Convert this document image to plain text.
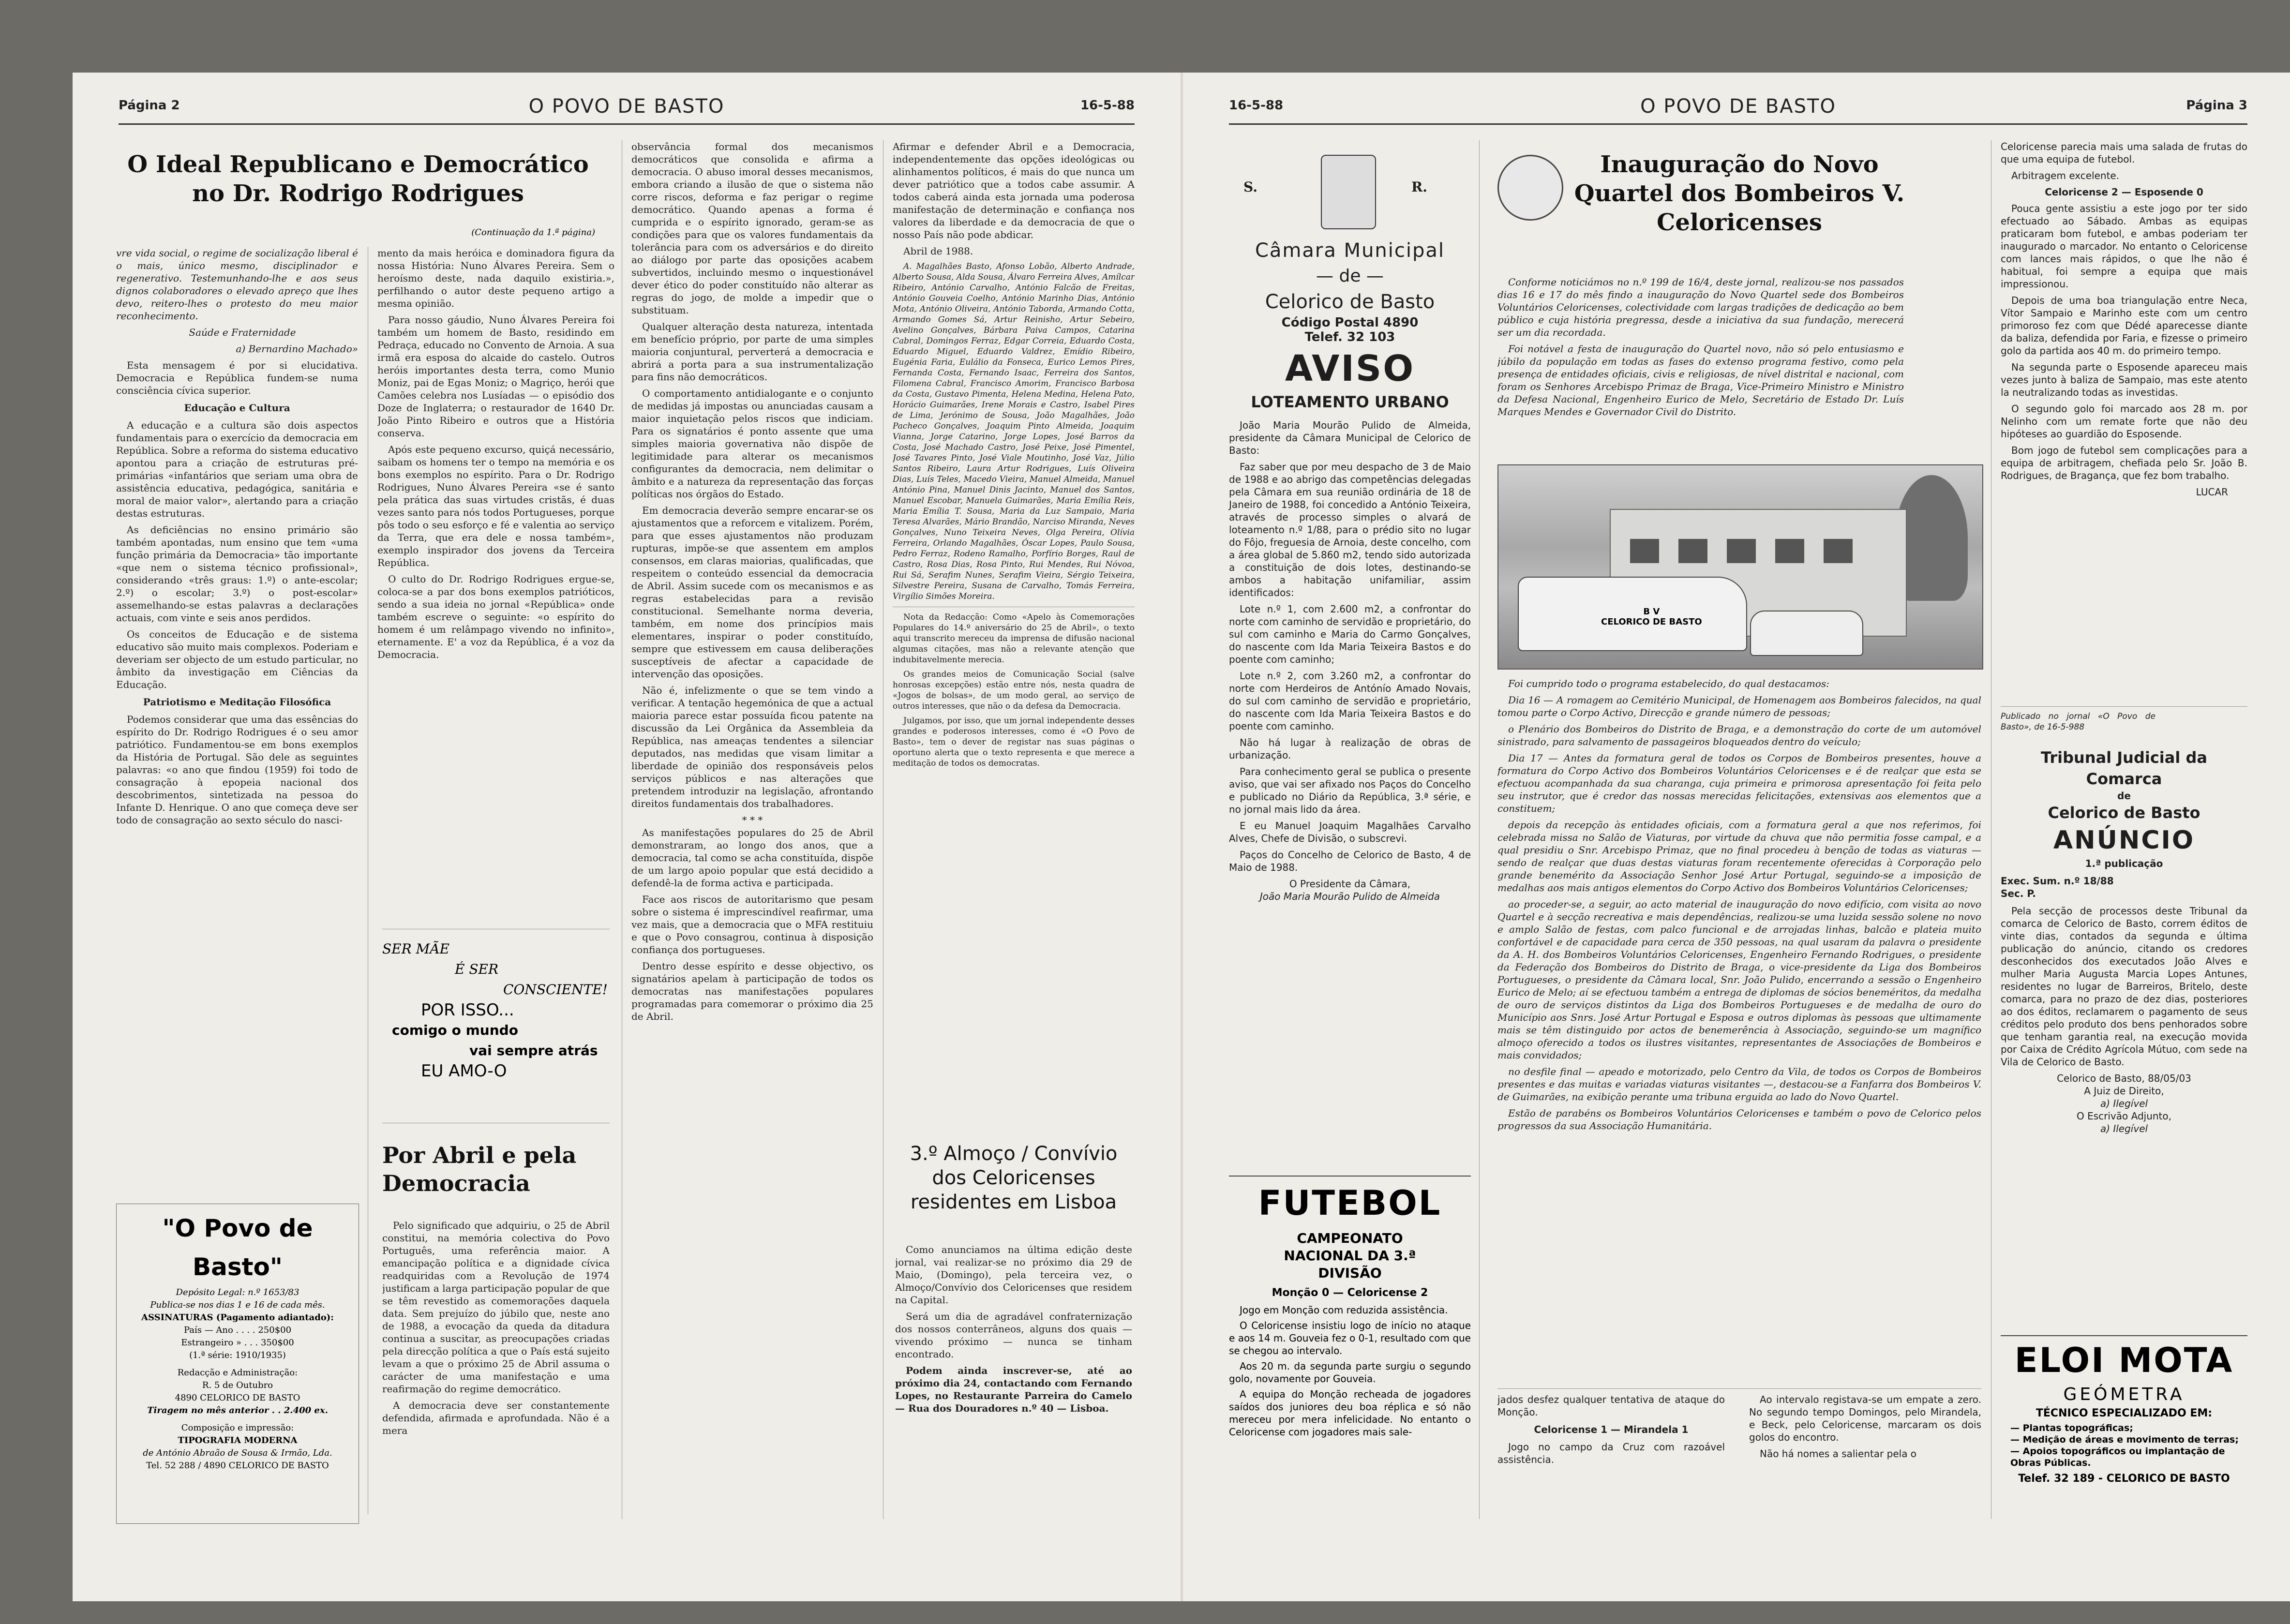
Página 2	O POVO DE BASTO	16-5-88
O Ideal Republicano e Democrático no Dr. Rodrigo Rodrigues
(Continuação da 1.ª página)

vre vida social, o regime de socialização liberal é o mais, único mesmo, disciplinador e regenerativo. Testemunhando-lhe e aos seus dignos colaboradores o elevado apreço que lhes devo, reitero-lhes o protesto do meu maior reconhecimento.

Saúde e Fraternidade

a) Bernardino Machado»

Esta mensagem é por si elucidativa. Democracia e República fundem-se numa consciência cívica superior.

Educação e Cultura

A educação e a cultura são dois aspectos fundamentais para o exercício da democracia em República. Sobre a reforma do sistema educativo apontou para a criação de estruturas pré-primárias «infantários que seriam uma obra de assistência educativa, pedagógica, sanitária e moral de maior valor», alertando para a criação destas estruturas.

As deficiências no ensino primário são também apontadas, num ensino que tem «uma função primária da Democracia» tão importante «que nem o sistema técnico profissional», considerando «três graus: 1.º) o ante-escolar; 2.º) o escolar; 3.º) o post-escolar» assemelhando-se estas palavras a declarações actuais, com vinte e seis anos perdidos.

Os conceitos de Educação e de sistema educativo são muito mais complexos. Poderiam e deveriam ser objecto de um estudo particular, no âmbito da investigação em Ciências da Educação.

Patriotismo e Meditação Filosófica

Podemos considerar que uma das essências do espírito do Dr. Rodrigo Rodrigues é o seu amor patriótico. Fundamentou-se em bons exemplos da História de Portugal. São dele as seguintes palavras: «o ano que findou (1959) foi todo de consagração à epopeia nacional dos descobrimentos, sintetizada na pessoa do Infante D. Henrique. O ano que começa deve ser todo de consagração ao sexto século do nasci-

"O Povo de Basto"
Depósito Legal: n.º 1653/83
Publica-se nos dias 1 e 16 de cada mês.
ASSINATURAS (Pagamento adiantado):
País — Ano . . . . 250$00
Estrangeiro » . . . 350$00
(1.ª série: 1910/1935)
Redacção e Administração:
R. 5 de Outubro
4890 CELORICO DE BASTO
Tiragem no mês anterior . . 2.400 ex.
Composição e impressão:
TIPOGRAFIA MODERNA
de António Abraão de Sousa & Irmão, Lda.
Tel. 52 288 / 4890 CELORICO DE BASTO

mento da mais heróica e dominadora figura da nossa História: Nuno Álvares Pereira. Sem o heroísmo deste, nada daquilo existiria.», perfilhando o autor deste pequeno artigo a mesma opinião.

Para nosso gáudio, Nuno Álvares Pereira foi também um homem de Basto, residindo em Pedraça, educado no Convento de Arnoia. A sua irmã era esposa do alcaide do castelo. Outros heróis importantes desta terra, como Munio Moniz, pai de Egas Moniz; o Magriço, herói que Camões celebra nos Lusíadas — o episódio dos Doze de Inglaterra; o restaurador de 1640 Dr. João Pinto Ribeiro e outros que a História conserva.

Após este pequeno excurso, quiçá necessário, saibam os homens ter o tempo na memória e os bons exemplos no espírito. Para o Dr. Rodrigo Rodrigues, Nuno Álvares Pereira «se é santo pela prática das suas virtudes cristãs, é duas vezes santo para nós todos Portugueses, porque pôs todo o seu esforço e fé e valentia ao serviço da Terra, que era dele e nossa também», exemplo inspirador dos jovens da Terceira República.

O culto do Dr. Rodrigo Rodrigues ergue-se, coloca-se a par dos bons exemplos patrióticos, sendo a sua ideia no jornal «República» onde também escreve o seguinte: «o espírito do homem é um relâmpago vivendo no infinito», eternamente. E' a voz da República, é a voz da Democracia.

SER MÃE
É SER
CONSCIENTE!
POR ISSO...
comigo o mundo
vai sempre atrás
EU AMO-O
Por Abril e pela Democracia

Pelo significado que adquiriu, o 25 de Abril constitui, na memória colectiva do Povo Português, uma referência maior. A emancipação política e a dignidade cívica readquiridas com a Revolução de 1974 justificam a larga participação popular de que se têm revestido as comemorações daquela data. Sem prejuízo do júbilo que, neste ano de 1988, a evocação da queda da ditadura continua a suscitar, as preocupações criadas pela direcção política a que o País está sujeito levam a que o próximo 25 de Abril assuma o carácter de uma manifestação e uma reafirmação do regime democrático.

A democracia deve ser constantemente defendida, afirmada e aprofundada. Não é a mera

observância formal dos mecanismos democráticos que consolida e afirma a democracia. O abuso imoral desses mecanismos, embora criando a ilusão de que o sistema não corre riscos, deforma e faz perigar o regime democrático. Quando apenas a forma é cumprida e o espírito ignorado, geram-se as condições para que os valores fundamentais da tolerância para com os adversários e do direito ao diálogo por parte das oposições acabem subvertidos, incluindo mesmo o inquestionável dever ético do poder constituído não alterar as regras do jogo, de molde a impedir que o substituam.

Qualquer alteração desta natureza, intentada em benefício próprio, por parte de uma simples maioria conjuntural, perverterá a democracia e abrirá a porta para a sua instrumentalização para fins não democráticos.

O comportamento antidialogante e o conjunto de medidas já impostas ou anunciadas causam a maior inquietação pelos riscos que indiciam. Para os signatários é ponto assente que uma simples maioria governativa não dispõe de legitimidade para alterar os mecanismos configurantes da democracia, nem delimitar o âmbito e a natureza da representação das forças políticas nos órgãos do Estado.

Em democracia deverão sempre encarar-se os ajustamentos que a reforcem e vitalizem. Porém, para que esses ajustamentos não produzam rupturas, impõe-se que assentem em amplos consensos, em claras maiorias, qualificadas, que respeitem o conteúdo essencial da democracia de Abril. Assim sucede com os mecanismos e as regras estabelecidas para a revisão constitucional. Semelhante norma deveria, também, em nome dos princípios mais elementares, inspirar o poder constituído, sempre que estivessem em causa deliberações susceptíveis de afectar a capacidade de intervenção das oposições.

Não é, infelizmente o que se tem vindo a verificar. A tentação hegemónica de que a actual maioria parece estar possuída ficou patente na discussão da Lei Orgânica da Assembleia da República, nas ameaças tendentes a silenciar deputados, nas medidas que visam limitar a liberdade de opinião dos responsáveis pelos serviços públicos e nas alterações que pretendem introduzir na legislação, afrontando direitos fundamentais dos trabalhadores.

* * *

As manifestações populares do 25 de Abril demonstraram, ao longo dos anos, que a democracia, tal como se acha constituída, dispõe de um largo apoio popular que está decidido a defendê-la de forma activa e participada.

Face aos riscos de autoritarismo que pesam sobre o sistema é imprescindível reafirmar, uma vez mais, que a democracia que o MFA restituiu e que o Povo consagrou, continua à disposição confiança dos portugueses.

Dentro desse espírito e desse objectivo, os signatários apelam à participação de todos os democratas nas manifestações populares programadas para comemorar o próximo dia 25 de Abril.

Afirmar e defender Abril e a Democracia, independentemente das opções ideológicas ou alinhamentos políticos, é mais do que nunca um dever patriótico que a todos cabe assumir. A todos caberá ainda esta jornada uma poderosa manifestação de determinação e confiança nos valores da liberdade e da democracia de que o nosso País não pode abdicar.

Abril de 1988.

A. Magalhães Basto, Afonso Lobão, Alberto Andrade, Alberto Sousa, Alda Sousa, Álvaro Ferreira Alves, Amílcar Ribeiro, António Carvalho, António Falcão de Freitas, António Gouveia Coelho, António Marinho Dias, António Mota, António Oliveira, António Taborda, Armando Cotta, Armando Gomes Sá, Artur Reinisho, Artur Sebeiro, Avelino Gonçalves, Bárbara Paiva Campos, Catarina Cabral, Domingos Ferraz, Edgar Correia, Eduardo Costa, Eduardo Miguel, Eduardo Valdrez, Emídio Ribeiro, Eugénia Faria, Eulálio da Fonseca, Eurico Lemos Pires, Fernanda Costa, Fernando Isaac, Ferreira dos Santos, Filomena Cabral, Francisco Amorim, Francisco Barbosa da Costa, Gustavo Pimenta, Helena Medina, Helena Pato, Horácio Guimarães, Irene Morais e Castro, Isabel Pires de Lima, Jerónimo de Sousa, João Magalhães, João Pacheco Gonçalves, Joaquim Pinto Almeida, Joaquim Vianna, Jorge Catarino, Jorge Lopes, José Barros da Costa, José Machado Castro, José Peixe, José Pimentel, José Tavares Pinto, José Viale Moutinho, José Vaz, Júlio Santos Ribeiro, Laura Artur Rodrigues, Luís Oliveira Dias, Luís Teles, Macedo Vieira, Manuel Almeida, Manuel António Pina, Manuel Dinis Jacinto, Manuel dos Santos, Manuel Escobar, Manuela Guimarães, Maria Emília Reis, Maria Emília T. Sousa, Maria da Luz Sampaio, Maria Teresa Alvarães, Mário Brandão, Narciso Miranda, Neves Gonçalves, Nuno Teixeira Neves, Olga Pereira, Olívia Ferreira, Orlando Magalhães, Óscar Lopes, Paulo Sousa, Pedro Ferraz, Rodeno Ramalho, Porfírio Borges, Raul de Castro, Rosa Dias, Rosa Pinto, Rui Mendes, Rui Nóvoa, Rui Sá, Serafim Nunes, Serafim Vieira, Sérgio Teixeira, Silvestre Pereira, Susana de Carvalho, Tomás Ferreira, Virgílio Simões Moreira.

Nota da Redacção: Como «Apelo às Comemorações Populares do 14.º aniversário do 25 de Abril», o texto aqui transcrito mereceu da imprensa de difusão nacional algumas citações, mas não a relevante atenção que indubitavelmente merecia.

Os grandes meios de Comunicação Social (salve honrosas excepções) estão entre nós, nesta quadra de «Jogos de bolsas», de um modo geral, ao serviço de outros interesses, que não o da defesa da Democracia.

Julgamos, por isso, que um jornal independente desses grandes e poderosos interesses, como é «O Povo de Basto», tem o dever de registar nas suas páginas o oportuno alerta que o texto representa e que merece a meditação de todos os democratas.

3.º Almoço / Convívio dos Celoricenses residentes em Lisboa

Como anunciamos na última edição deste jornal, vai realizar-se no próximo dia 29 de Maio, (Domingo), pela terceira vez, o Almoço/Convívio dos Celoricenses que residem na Capital.

Será um dia de agradável confraternização dos nossos conterrâneos, alguns dos quais — vivendo próximo — nunca se tinham encontrado.

Podem ainda inscrever-se, até ao próximo dia 24, contactando com Fernando Lopes, no Restaurante Parreira do Camelo — Rua dos Douradores n.º 40 — Lisboa.

16-5-88	O POVO DE BASTO	Página 3
S.	R.
Câmara Municipal
— de —
Celorico de Basto
Código Postal 4890
Telef. 32 103
AVISO
LOTEAMENTO URBANO

João Maria Mourão Pulido de Almeida, presidente da Câmara Municipal de Celorico de Basto:

Faz saber que por meu despacho de 3 de Maio de 1988 e ao abrigo das competências delegadas pela Câmara em sua reunião ordinária de 18 de Janeiro de 1988, foi concedido a António Teixeira, através de processo simples o alvará de loteamento n.º 1/88, para o prédio sito no lugar do Fôjo, freguesia de Arnoia, deste concelho, com a área global de 5.860 m2, tendo sido autorizada a constituição de dois lotes, destinando-se ambos a habitação unifamiliar, assim identificados:

Lote n.º 1, com 2.600 m2, a confrontar do norte com caminho de servidão e proprietário, do sul com caminho e Maria do Carmo Gonçalves, do nascente com Ida Maria Teixeira Bastos e do poente com caminho;

Lote n.º 2, com 3.260 m2, a confrontar do norte com Herdeiros de Antónío Amado Novais, do sul com caminho de servidão e proprietário, do nascente com Ida Maria Teixeira Bastos e do poente com caminho.

Não há lugar à realização de obras de urbanização.

Para conhecimento geral se publica o presente aviso, que vai ser afixado nos Paços do Concelho e publicado no Diário da República, 3.ª série, e no jornal mais lido da área.

E eu Manuel Joaquim Magalhães Carvalho Alves, Chefe de Divisão, o subscrevi.

Paços do Concelho de Celorico de Basto, 4 de Maio de 1988.

O Presidente da Câmara,
João Maria Mourão Pulido de Almeida
FUTEBOL
CAMPEONATO NACIONAL DA 3.ª DIVISÃO
Monção 0 — Celoricense 2

Jogo em Monção com reduzida assistência.

O Celoricense insistiu logo de início no ataque e aos 14 m. Gouveia fez o 0-1, resultado com que se chegou ao intervalo.

Aos 20 m. da segunda parte surgiu o segundo golo, novamente por Gouveia.

A equipa do Monção recheada de jogadores saídos dos juniores deu boa réplica e só não mereceu por mera infelicidade. No entanto o Celoricense com jogadores mais sale-

Inauguração do Novo Quartel dos Bombeiros V. Celoricenses

Conforme noticiámos no n.º 199 de 16/4, deste jornal, realizou-se nos passados dias 16 e 17 do mês findo a inauguração do Novo Quartel sede dos Bombeiros Voluntários Celoricenses, colectividade com largas tradições de dedicação ao bem público e cuja história pregressa, desde a iniciativa da sua fundação, merecerá ser um dia recordada.

Foi notável a festa de inauguração do Quartel novo, não só pelo entusiasmo e júbilo da população em todas as fases do extenso programa festivo, como pela presença de entidades oficiais, civis e religiosas, de nível distrital e nacional, com foram os Senhores Arcebispo Primaz de Braga, Vice-Primeiro Ministro e Ministro da Defesa Nacional, Engenheiro Eurico de Melo, Secretário de Estado Dr. Luís Marques Mendes e Governador Civil do Distrito.

B V
CELORICO DE BASTO

Foi cumprido todo o programa estabelecido, do qual destacamos:

Dia 16 — A romagem ao Cemitério Municipal, de Homenagem aos Bombeiros falecidos, na qual tomou parte o Corpo Activo, Direcção e grande número de pessoas;

o Plenário dos Bombeiros do Distrito de Braga, e a demonstração do corte de um automóvel sinistrado, para salvamento de passageiros bloqueados dentro do veículo;

Dia 17 — Antes da formatura geral de todos os Corpos de Bombeiros presentes, houve a formatura do Corpo Activo dos Bombeiros Voluntários Celoricenses e é de realçar que esta se efectuou acompanhada da sua charanga, cuja primeira e primorosa apresentação foi feita pelo seu instrutor, que é credor das nossas merecidas felicitações, extensivas aos elementos que a constituem;

depois da recepção às entidades oficiais, com a formatura geral a que nos referimos, foi celebrada missa no Salão de Viaturas, por virtude da chuva que não permitia fosse campal, e a qual presidiu o Snr. Arcebispo Primaz, que no final procedeu à benção de todas as viaturas — sendo de realçar que duas destas viaturas foram recentemente oferecidas à Corporação pelo grande benemérito da Associação Senhor José Artur Portugal, seguindo-se a imposição de medalhas aos mais antigos elementos do Corpo Activo dos Bombeiros Voluntários Celoricenses;

ao proceder-se, a seguir, ao acto material de inauguração do novo edifício, com visita ao novo Quartel e à secção recreativa e mais dependências, realizou-se uma luzida sessão solene no novo e amplo Salão de festas, com palco funcional e de arrojadas linhas, balcão e plateia muito confortável e de capacidade para cerca de 350 pessoas, na qual usaram da palavra o presidente da A. H. dos Bombeiros Voluntários Celoricenses, Engenheiro Fernando Rodrigues, o presidente da Federação dos Bombeiros do Distrito de Braga, o vice-presidente da Liga dos Bombeiros Portugueses, o presidente da Câmara local, Snr. João Pulido, encerrando a sessão o Engenheiro Eurico de Melo; aí se efectuou também a entrega de diplomas de sócios beneméritos, da medalha de ouro de serviços distintos da Liga dos Bombeiros Portugueses e de medalha de ouro do Município aos Snrs. José Artur Portugal e Esposa e outros diplomas às pessoas que ultimamente mais se têm distinguido por actos de benemerência à Associação, seguindo-se um magnífico almoço oferecido a todos os ilustres visitantes, representantes de Associações de Bombeiros e mais convidados;

no desfile final — apeado e motorizado, pelo Centro da Vila, de todos os Corpos de Bombeiros presentes e das muitas e variadas viaturas visitantes —, destacou-se a Fanfarra dos Bombeiros V. de Guimarães, na exibição perante uma tribuna erguida ao lado do Novo Quartel.

Estão de parabéns os Bombeiros Voluntários Celoricenses e também o povo de Celorico pelos progressos da sua Associação Humanitária.

jados desfez qualquer tentativa de ataque do Monção.

Celoricense 1 — Mirandela 1

Jogo no campo da Cruz com razoável assistência.

Ao intervalo registava-se um empate a zero. No segundo tempo Domingos, pelo Mirandela, e Beck, pelo Celoricense, marcaram os dois golos do encontro.

Não há nomes a salientar pela o

Celoricense parecia mais uma salada de frutas do que uma equipa de futebol.

Arbitragem excelente.

Celoricense 2 — Esposende 0

Pouca gente assistiu a este jogo por ter sido efectuado ao Sábado. Ambas as equipas praticaram bom futebol, e ambas poderiam ter inaugurado o marcador. No entanto o Celoricense com lances mais rápidos, o que lhe não é habitual, foi sempre a equipa que mais impressionou.

Depois de uma boa triangulação entre Neca, Vítor Sampaio e Marinho este com um centro primoroso fez com que Dédé aparecesse diante da baliza, defendida por Faria, e fizesse o primeiro golo da partida aos 40 m. do primeiro tempo.

Na segunda parte o Esposende apareceu mais vezes junto à baliza de Sampaio, mas este atento la neutralizando todas as investidas.

O segundo golo foi marcado aos 28 m. por Nelinho com um remate forte que não deu hipóteses ao guardião do Esposende.

Bom jogo de futebol sem complicações para a equipa de arbitragem, chefiada pelo Sr. João B. Rodrigues, de Bragança, que fez bom trabalho.

LUCAR
Publicado no jornal «O Povo de Basto», de 16-5-988
Tribunal Judicial da Comarca
de
Celorico de Basto
ANÚNCIO
1.ª publicação
Exec. Sum. n.º 18/88
Sec. P.

Pela secção de processos deste Tribunal da comarca de Celorico de Basto, correm éditos de vinte dias, contados da segunda e última publicação do anúncio, citando os credores desconhecidos dos executados João Alves e mulher Maria Augusta Marcia Lopes Antunes, residentes no lugar de Barreiros, Britelo, deste comarca, para no prazo de dez dias, posteriores ao dos éditos, reclamarem o pagamento de seus créditos pelo produto dos bens penhorados sobre que tenham garantia real, na execução movida por Caixa de Crédito Agrícola Mútuo, com sede na Vila de Celorico de Basto.

Celorico de Basto, 88/05/03
A Juiz de Direito,
a) Ilegível
O Escrivão Adjunto,
a) Ilegível
ELOI MOTA
GEÓMETRA
TÉCNICO ESPECIALIZADO EM:
— Plantas topográficas;
— Medição de áreas e movimento de terras;
— Apoios topográficos ou implantação de Obras Públicas.
Telef. 32 189 - CELORICO DE BASTO
